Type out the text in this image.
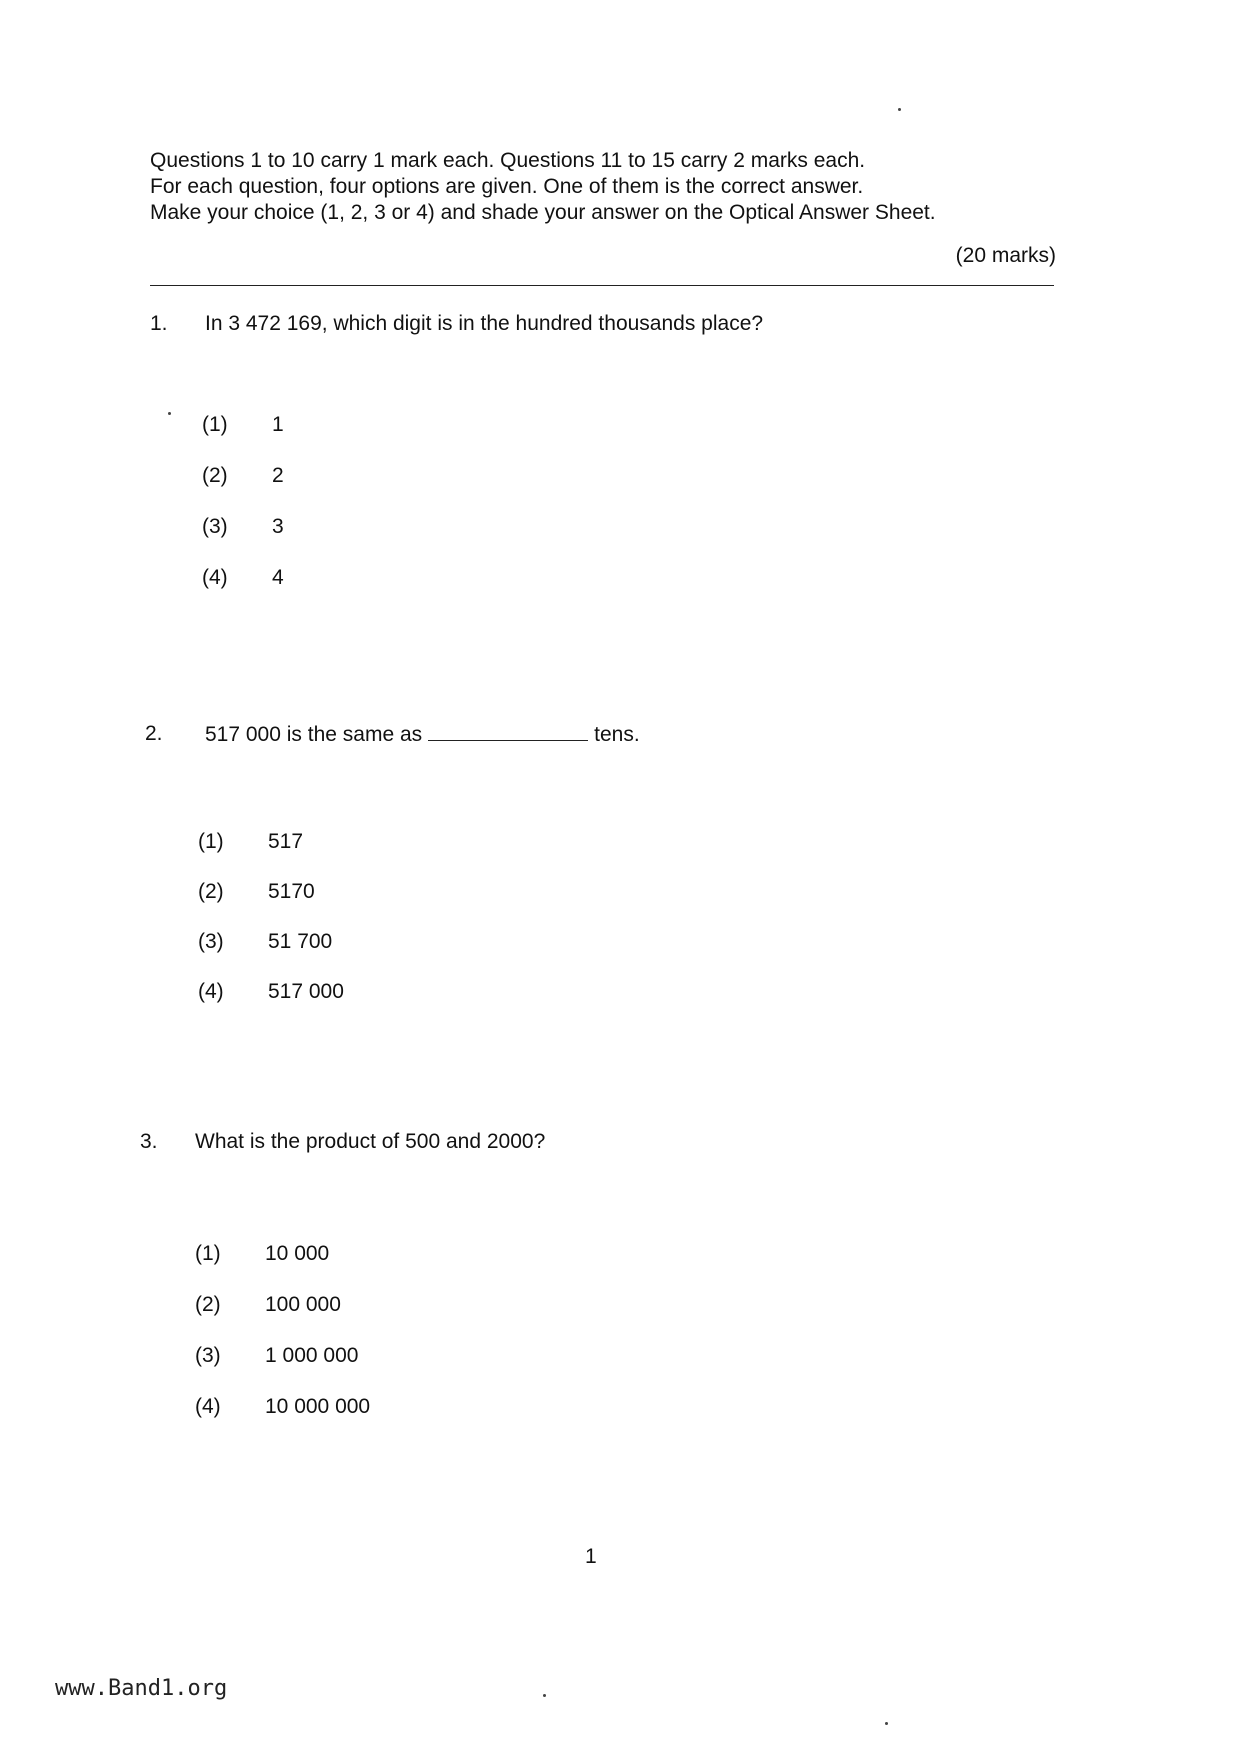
Questions 1 to 10 carry 1 mark each. Questions 11 to 15 carry 2 marks each.
For each question, four options are given. One of them is the correct answer.
Make your choice (1, 2, 3 or 4) and shade your answer on the Optical Answer Sheet.
(20 marks)
1. In 3 472 169, which digit is in the hundred thousands place?
(1) 1
(2) 2
(3) 3
(4) 4
2. 517 000 is the same as	tens.
(1) 517
(2) 5170
(3) 51 700
(4) 517 000
3. What is the product of 500 and 2000?
(1) 10 000
(2) 100 000
(3) 1 000 000
(4) 10 000 000
1
www.Band1.org
